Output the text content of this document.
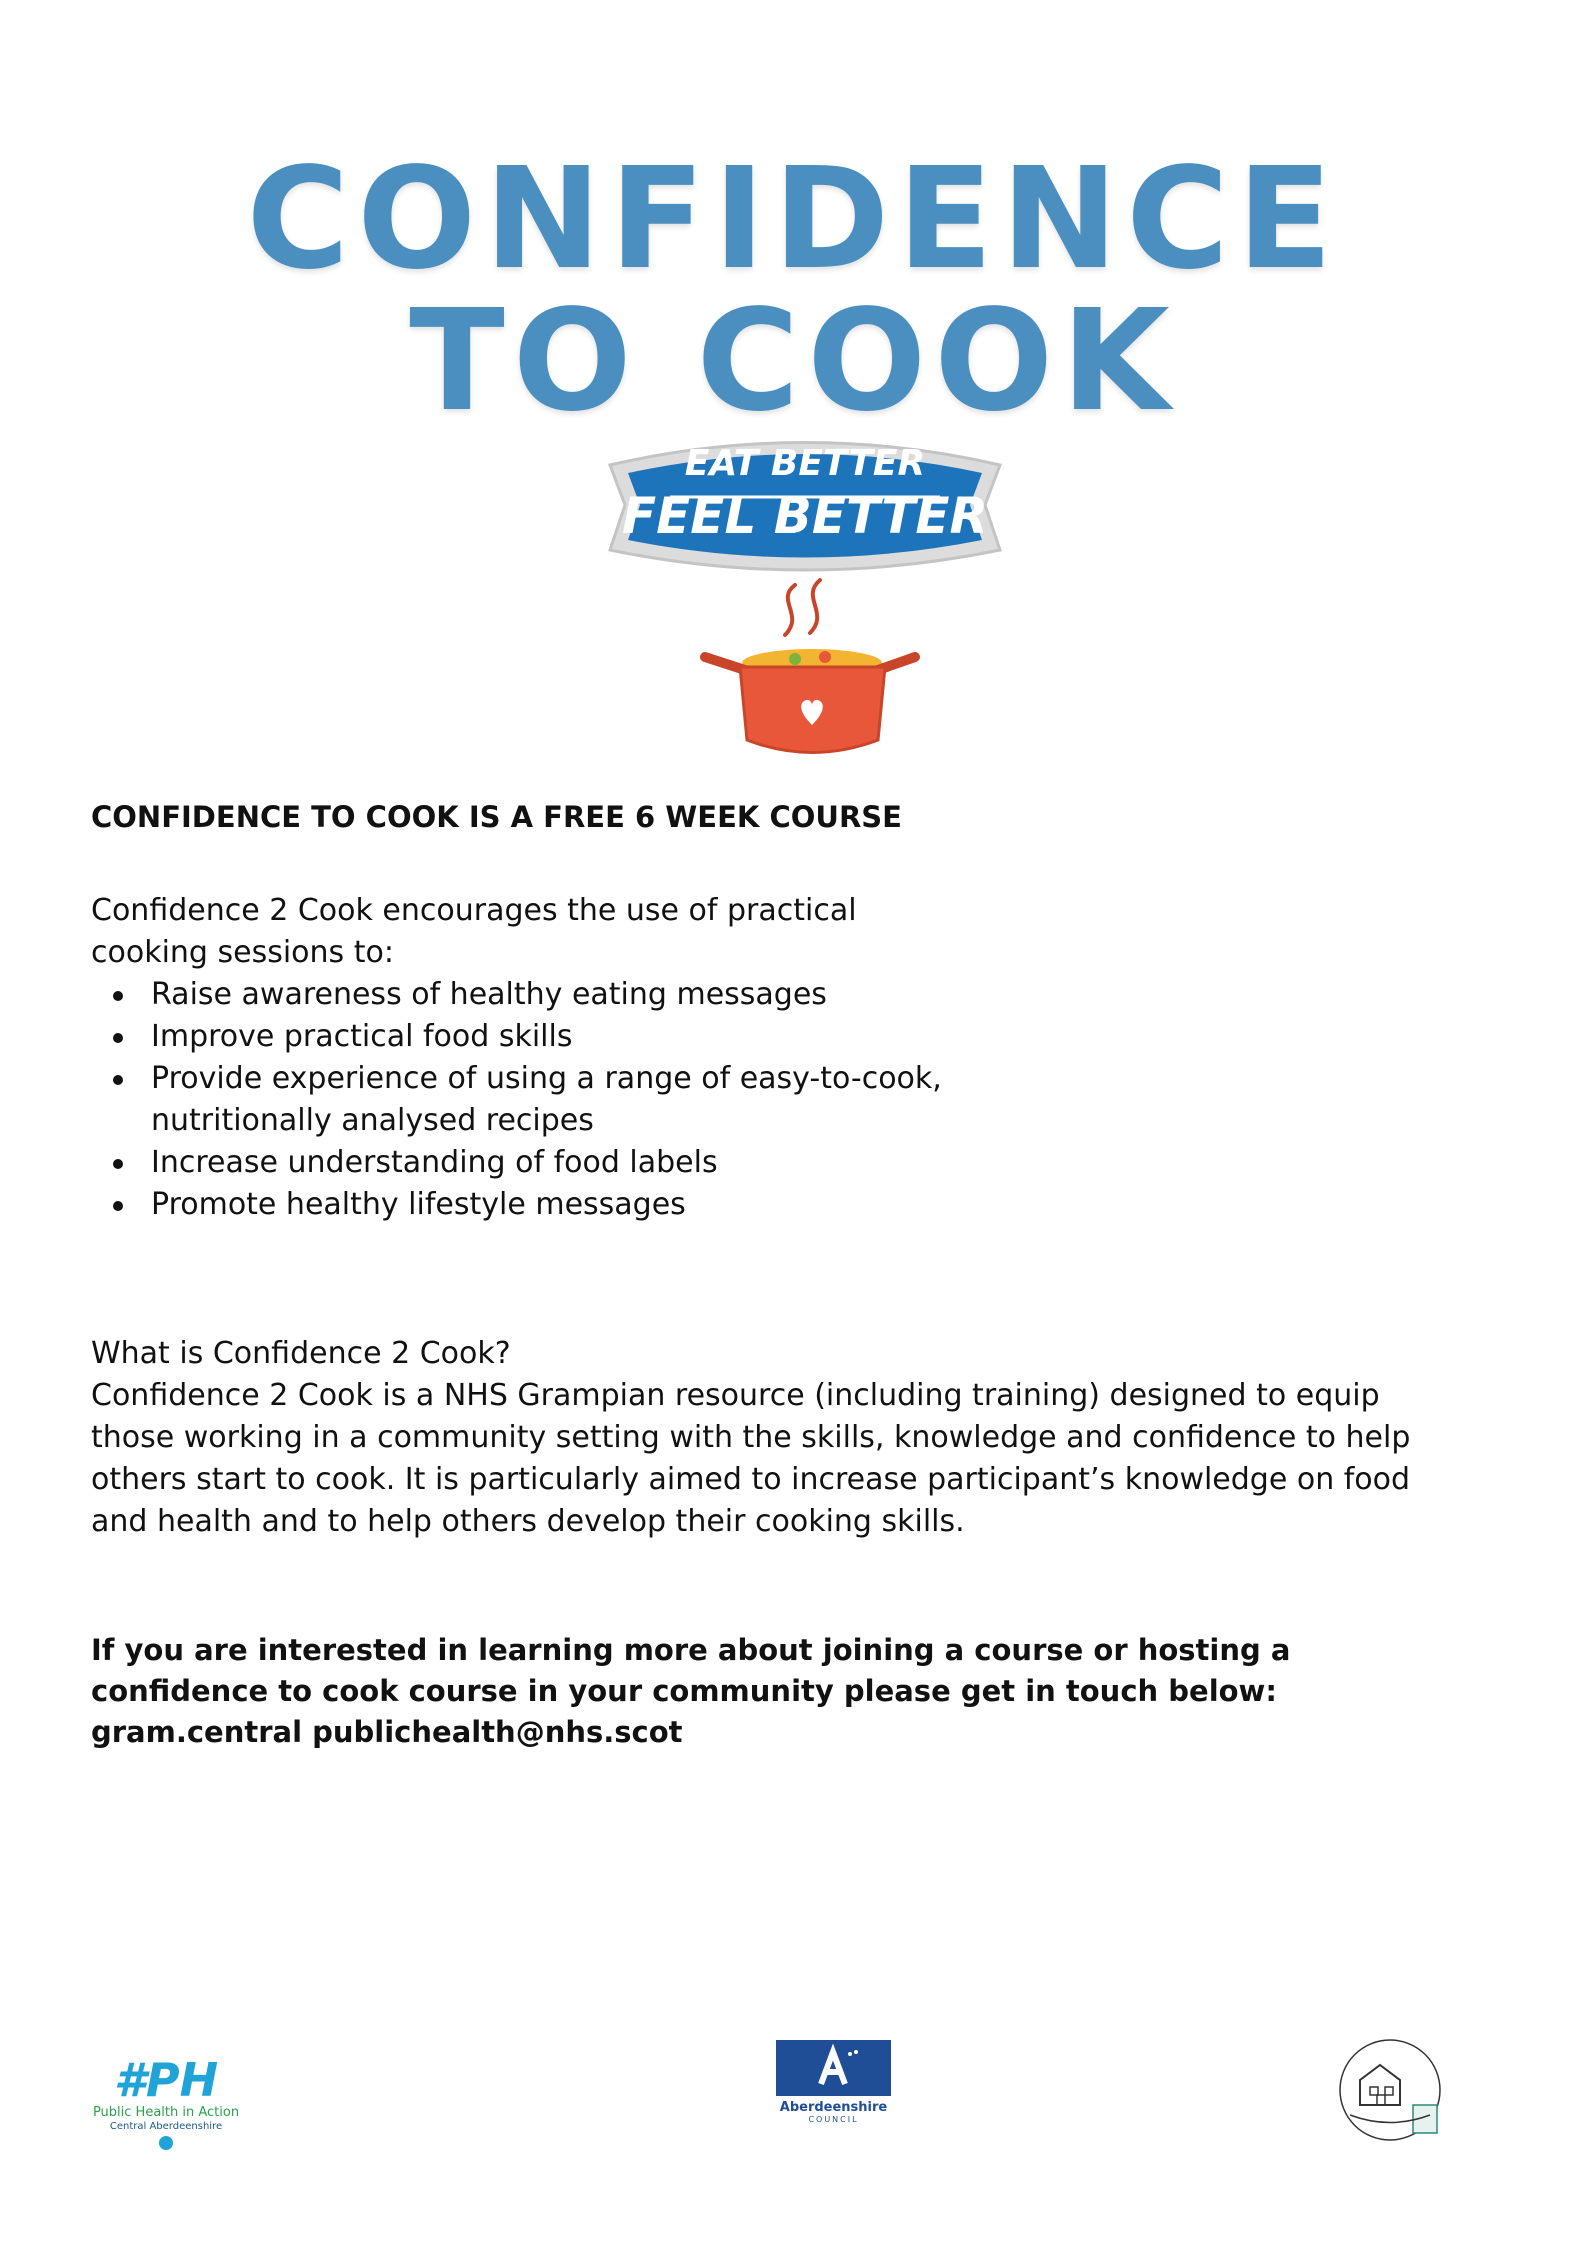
CONFIDENCE
TO COOK
EAT BETTER
FEEL BETTER
CONFIDENCE TO COOK IS A FREE 6 WEEK COURSE

Confidence 2 Cook encourages the use of practical cooking sessions to:

Raise awareness of healthy eating messages
Improve practical food skills
Provide experience of using a range of easy-to-cook, nutritionally analysed recipes
Increase understanding of food labels
Promote healthy lifestyle messages

What is Confidence 2 Cook?

Confidence 2 Cook is a NHS Grampian resource (including training) designed to equip those working in a community setting with the skills, knowledge and confidence to help others start to cook. It is particularly aimed to increase participant’s knowledge on food and health and to help others develop their cooking skills.

If you are interested in learning more about joining a course or hosting a confidence to cook course in your community please get in touch below:
gram.central publichealth@nhs.scot
#PH
Public Health in Action
Central Aberdeenshire
Aberdeenshire
COUNCIL
